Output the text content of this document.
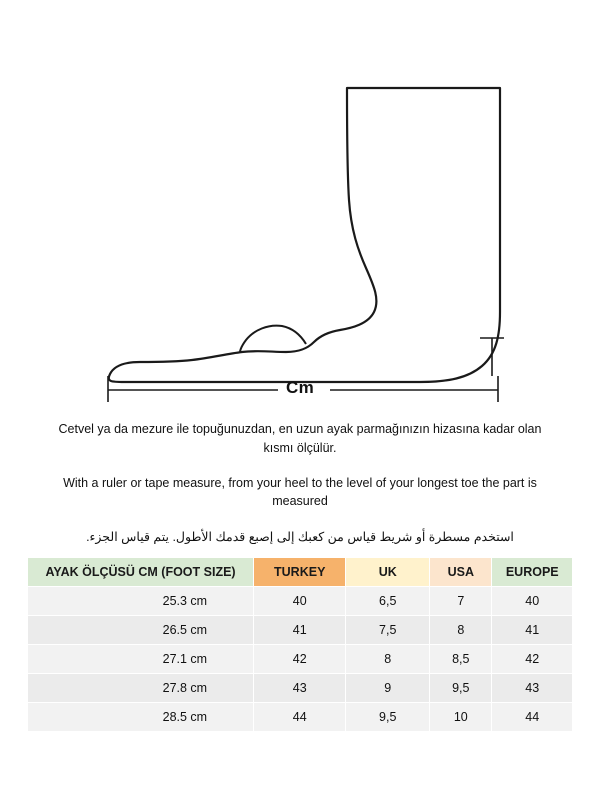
Cm

Cetvel ya da mezure ile topuğunuzdan, en uzun ayak parmağınızın hizasına kadar olan kısmı ölçülür.

With a ruler or tape measure, from your heel to the level of your longest toe the part is measured

استخدم مسطرة أو شريط قياس من كعبك إلى إصبع قدمك الأطول. يتم قياس الجزء.

AYAK ÖLÇÜSÜ CM (FOOT SIZE)	TURKEY	UK	USA	EUROPE
25.3 cm	40	6,5	7	40
26.5 cm	41	7,5	8	41
27.1 cm	42	8	8,5	42
27.8 cm	43	9	9,5	43
28.5 cm	44	9,5	10	44
